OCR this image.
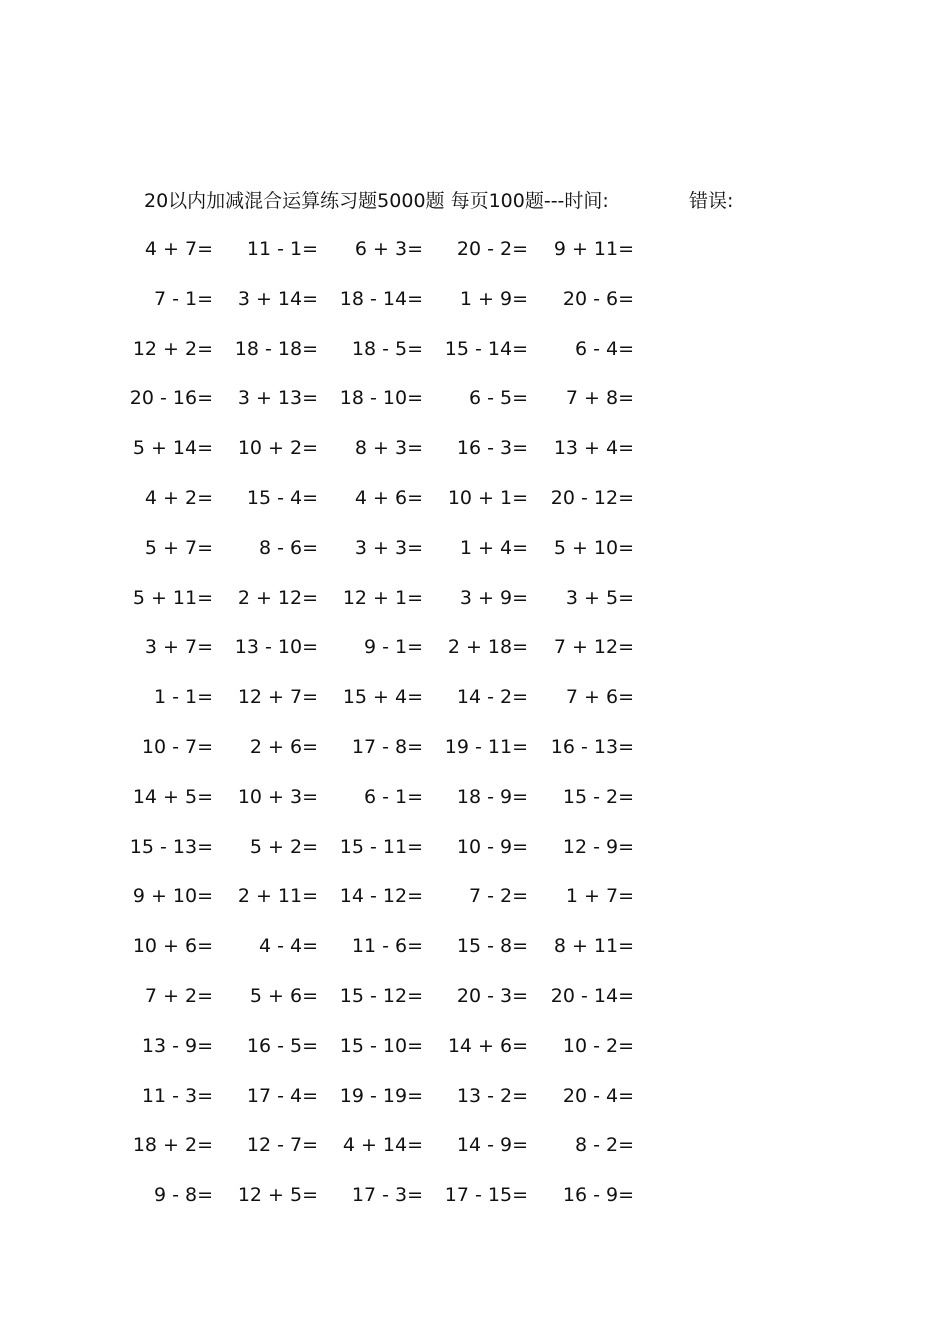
20以内加减混合运算练习题5000题 每页100题---时间:	错误:
4 + 7= 11 - 1= 6 + 3= 20 - 2= 9 + 11=
7 - 1= 3 + 14= 18 - 14= 1 + 9= 20 - 6=
12 + 2= 18 - 18= 18 - 5= 15 - 14= 6 - 4=
20 - 16= 3 + 13= 18 - 10= 6 - 5= 7 + 8=
5 + 14= 10 + 2= 8 + 3= 16 - 3= 13 + 4=
4 + 2= 15 - 4= 4 + 6= 10 + 1= 20 - 12=
5 + 7= 8 - 6= 3 + 3= 1 + 4= 5 + 10=
5 + 11= 2 + 12= 12 + 1= 3 + 9= 3 + 5=
3 + 7= 13 - 10= 9 - 1= 2 + 18= 7 + 12=
1 - 1= 12 + 7= 15 + 4= 14 - 2= 7 + 6=
10 - 7= 2 + 6= 17 - 8= 19 - 11= 16 - 13=
14 + 5= 10 + 3= 6 - 1= 18 - 9= 15 - 2=
15 - 13= 5 + 2= 15 - 11= 10 - 9= 12 - 9=
9 + 10= 2 + 11= 14 - 12= 7 - 2= 1 + 7=
10 + 6= 4 - 4= 11 - 6= 15 - 8= 8 + 11=
7 + 2= 5 + 6= 15 - 12= 20 - 3= 20 - 14=
13 - 9= 16 - 5= 15 - 10= 14 + 6= 10 - 2=
11 - 3= 17 - 4= 19 - 19= 13 - 2= 20 - 4=
18 + 2= 12 - 7= 4 + 14= 14 - 9= 8 - 2=
9 - 8= 12 + 5= 17 - 3= 17 - 15= 16 - 9=
